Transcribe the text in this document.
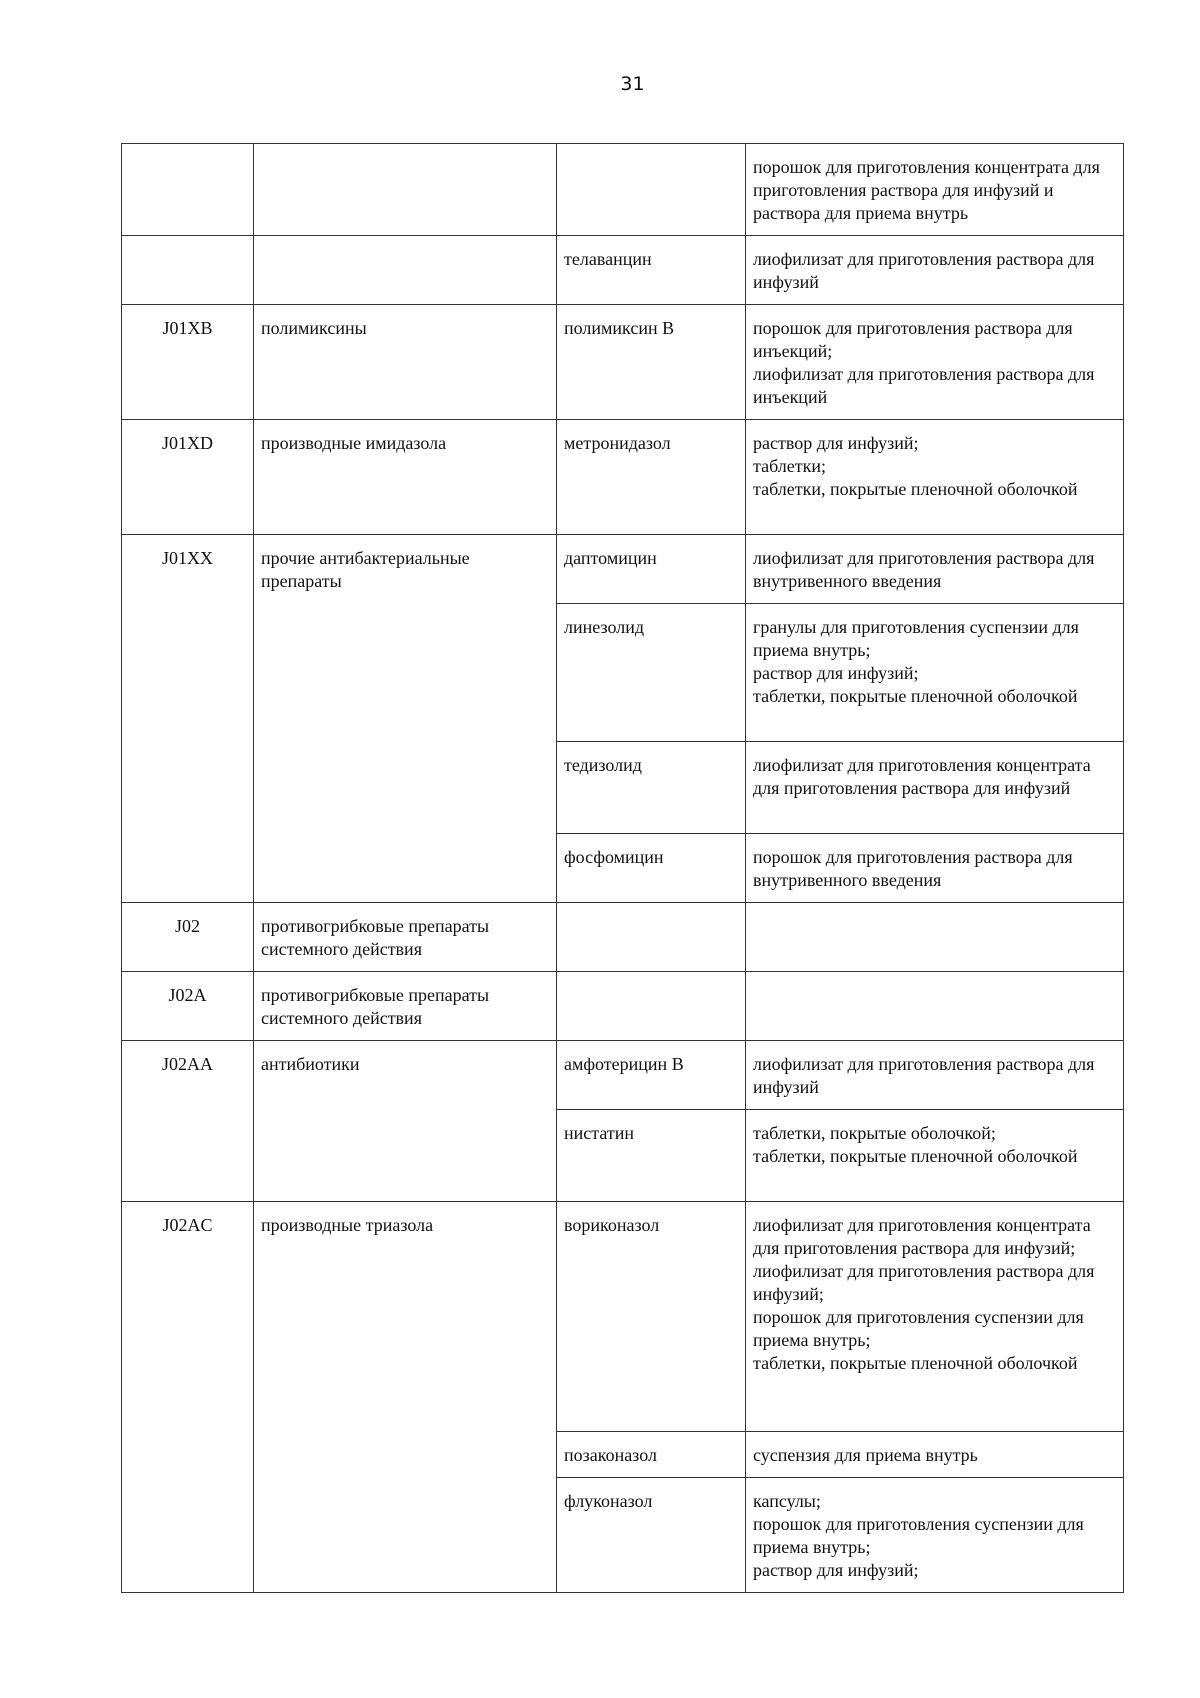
31

			порошок для приготовления концентрата для приготовления раствора для инфузий и раствора для приема внутрь

		телаванцин	лиофилизат для приготовления раствора для инфузий

J01XB	полимиксины	полимиксин В	порошок для приготовления раствора для инъекций;
лиофилизат для приготовления раствора для инъекций

J01XD	производные имидазола	метронидазол	раствор для инфузий;
таблетки;
таблетки, покрытые пленочной оболочкой

J01XX	прочие антибактериальные препараты	даптомицин	лиофилизат для приготовления раствора для внутривенного введения

		линезолид	гранулы для приготовления суспензии для приема внутрь;
раствор для инфузий;
таблетки, покрытые пленочной оболочкой

		тедизолид	лиофилизат для приготовления концентрата для приготовления раствора для инфузий

		фосфомицин	порошок для приготовления раствора для внутривенного введения

J02	противогрибковые препараты системного действия		
J02A	противогрибковые препараты системного действия		
J02AA	антибиотики	амфотерицин В	лиофилизат для приготовления раствора для инфузий

		нистатин	таблетки, покрытые оболочкой;
таблетки, покрытые пленочной оболочкой

J02AC	производные триазола	вориконазол	лиофилизат для приготовления концентрата для приготовления раствора для инфузий;
лиофилизат для приготовления раствора для инфузий;
порошок для приготовления суспензии для приема внутрь;
таблетки, покрытые пленочной оболочкой

		позаконазол	суспензия для приема внутрь

		флуконазол	капсулы;
порошок для приготовления суспензии для приема внутрь;
раствор для инфузий;
